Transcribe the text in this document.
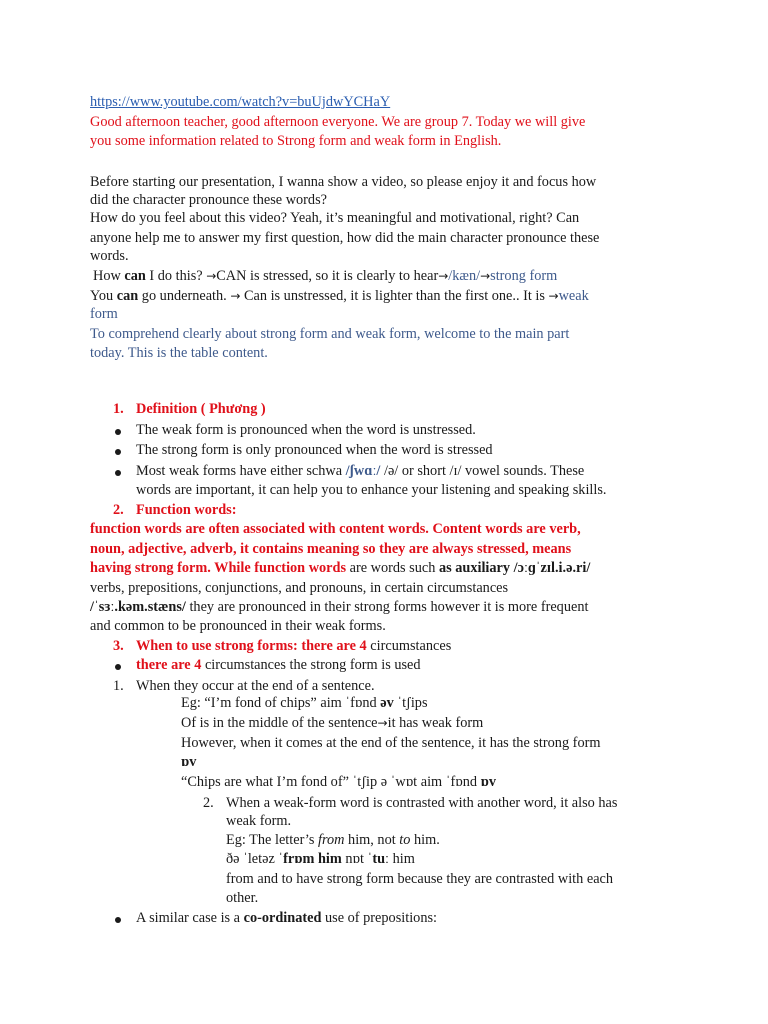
https://www.youtube.com/watch?v=buUjdwYCHaY
Good afternoon teacher, good afternoon everyone. We are group 7. Today we will give
you some information related to Strong form and weak form in English.
Before starting our presentation, I wanna show a video, so please enjoy it and focus how
did the character pronounce these words?
How do you feel about this video? Yeah, it’s meaningful and motivational, right? Can
anyone help me to answer my first question, how did the main character pronounce these
words.
How can I do this? →CAN is stressed, so it is clearly to hear→/kæn/→strong form
You can go underneath. → Can is unstressed, it is lighter than the first one.. It is →weak
form
To comprehend clearly about strong form and weak form, welcome to the main part
today. This is the table content.
1. Definition ( Phương )
The weak form is pronounced when the word is unstressed.
The strong form is only pronounced when the word is stressed
Most weak forms have either schwa /ʃwɑː/ /ə/ or short /ɪ/ vowel sounds. These
words are important, it can help you to enhance your listening and speaking skills.
2. Function words:
function words are often associated with content words. Content words are verb,
noun, adjective, adverb, it contains meaning so they are always stressed, means
having strong form. While function words are words such as auxiliary /ɔːɡˈzɪl.i.ə.ri/
verbs, prepositions, conjunctions, and pronouns, in certain circumstances
/ˈsɜː.kəm.stæns/ they are pronounced in their strong forms however it is more frequent
and common to be pronounced in their weak forms.
3. When to use strong forms: there are 4 circumstances
there are 4 circumstances the strong form is used
1. When they occur at the end of a sentence.
Eg: “I’m fond of chips” aim ˈfɒnd əv ˈtʃips
Of is in the middle of the sentence→it has weak form
However, when it comes at the end of the sentence, it has the strong form
ɒv
“Chips are what I’m fond of” ˈtʃip ə ˈwɒt aim ˈfɒnd ɒv
2. When a weak-form word is contrasted with another word, it also has
weak form.
Eg: The letter’s from him, not to him.
ðə ˈletəz ˈfrɒm him nɒt ˈtuː him
from and to have strong form because they are contrasted with each
other.
A similar case is a co-ordinated use of prepositions:
